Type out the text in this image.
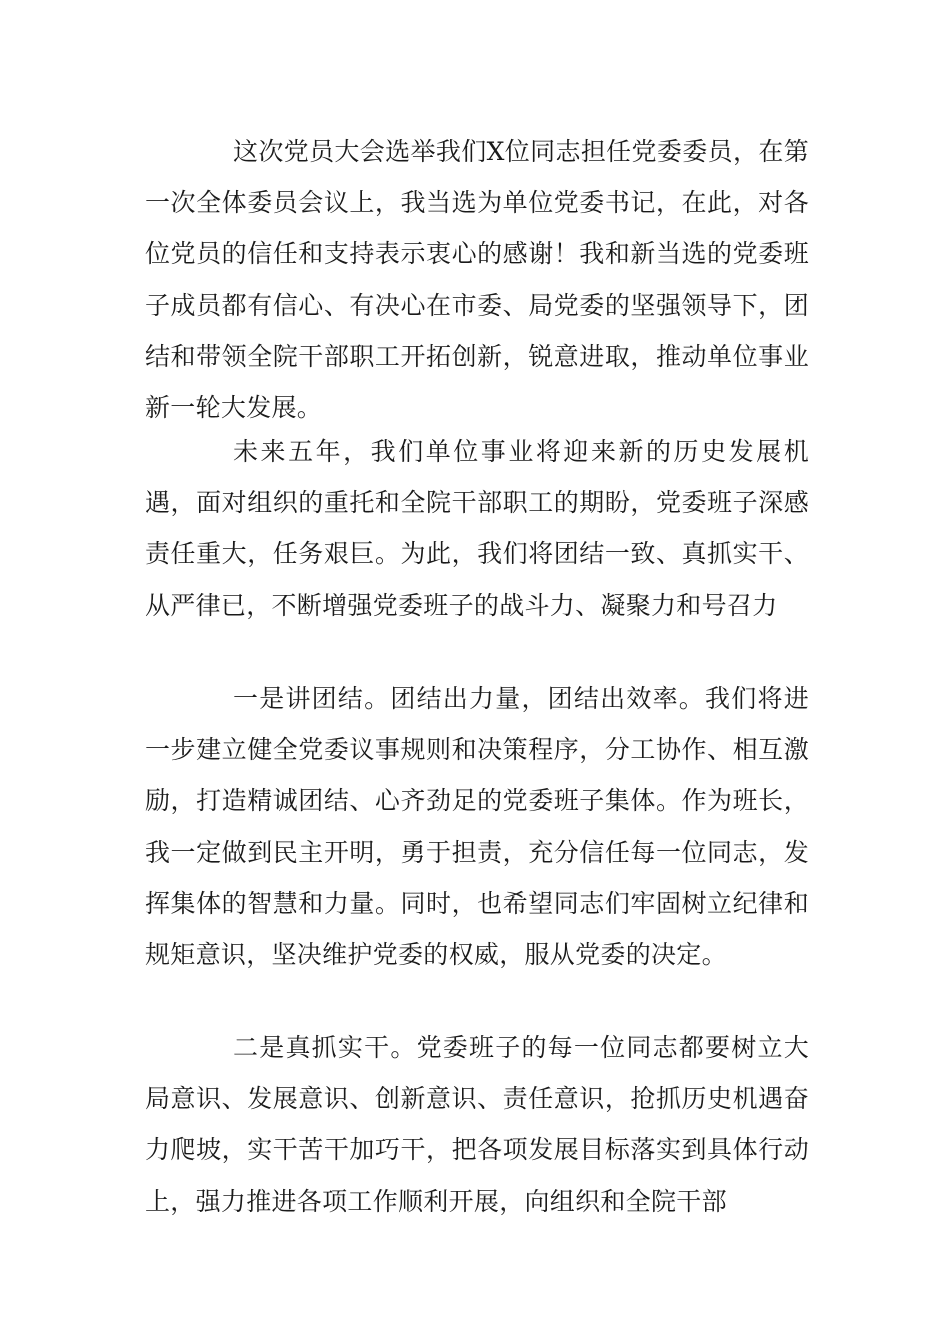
这次党员大会选举我们X位同志担任党委委员，在第一次全体委员会议上，我当选为单位党委书记，在此，对各位党员的信任和支持表示衷心的感谢！我和新当选的党委班子成员都有信心、有决心在市委、局党委的坚强领导下，团结和带领全院干部职工开拓创新，锐意进取，推动单位事业新一轮大发展。

未来五年，我们单位事业将迎来新的历史发展机遇，面对组织的重托和全院干部职工的期盼，党委班子深感责任重大，任务艰巨。为此，我们将团结一致、真抓实干、从严律已，不断增强党委班子的战斗力、凝聚力和号召力

一是讲团结。团结出力量，团结出效率。我们将进一步建立健全党委议事规则和决策程序，分工协作、相互激励，打造精诚团结、心齐劲足的党委班子集体。作为班长，我一定做到民主开明，勇于担责，充分信任每一位同志，发挥集体的智慧和力量。同时，也希望同志们牢固树立纪律和规矩意识，坚决维护党委的权威，服从党委的决定。

二是真抓实干。党委班子的每一位同志都要树立大局意识、发展意识、创新意识、责任意识，抢抓历史机遇奋力爬坡，实干苦干加巧干，把各项发展目标落实到具体行动上，强力推进各项工作顺利开展，向组织和全院干部
